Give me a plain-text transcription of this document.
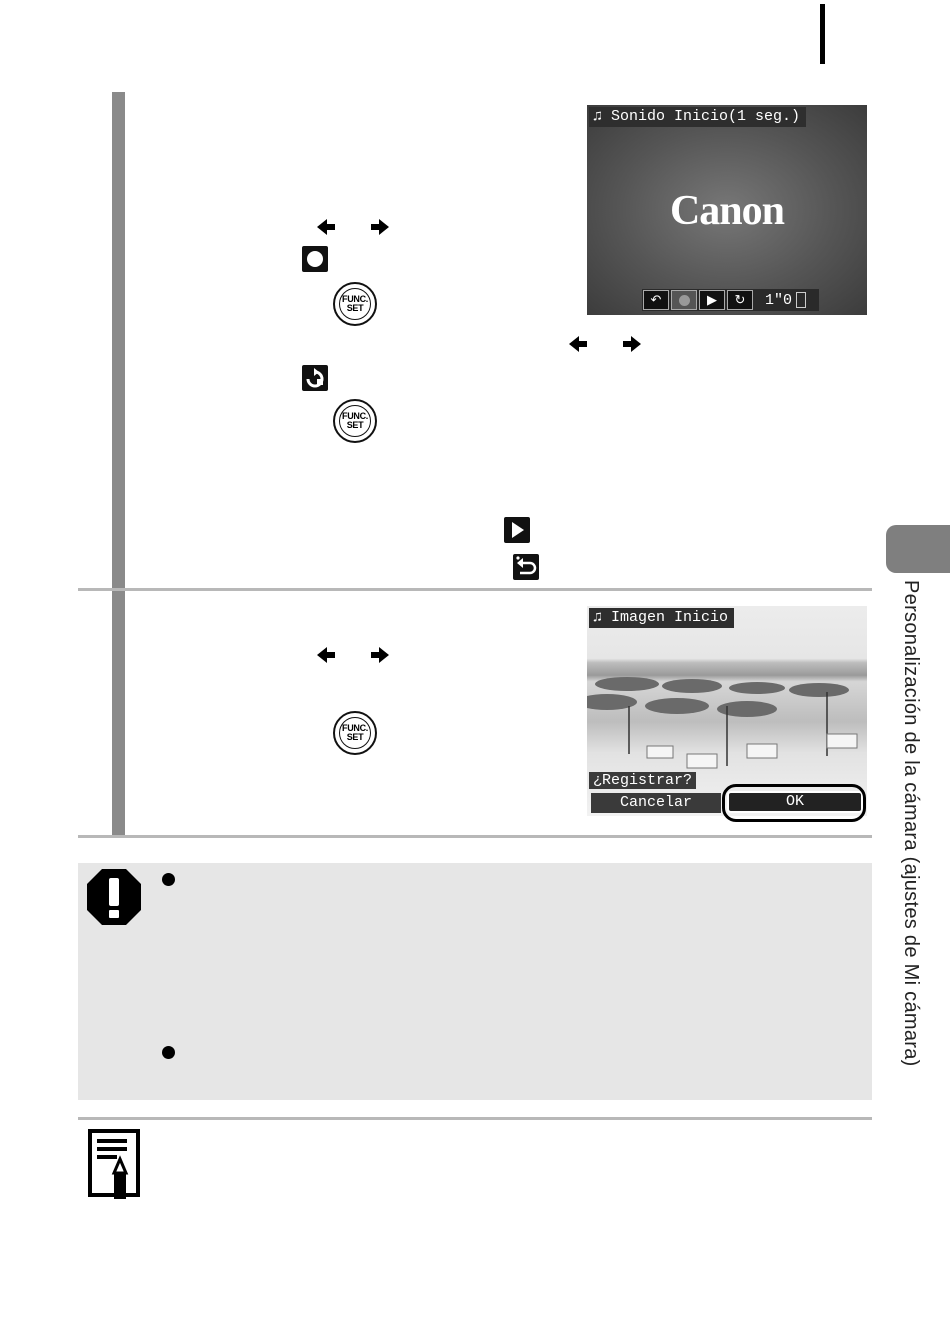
FUNC.
SET
FUNC.
SET
♫ Sonido Inicio(1 seg.)
Canon
↶	▶	↻	1"0
FUNC.
SET
♫ Imagen Inicio
¿Registrar?
Cancelar	OK	Personalización de la cámara (ajustes de Mi cámara)
